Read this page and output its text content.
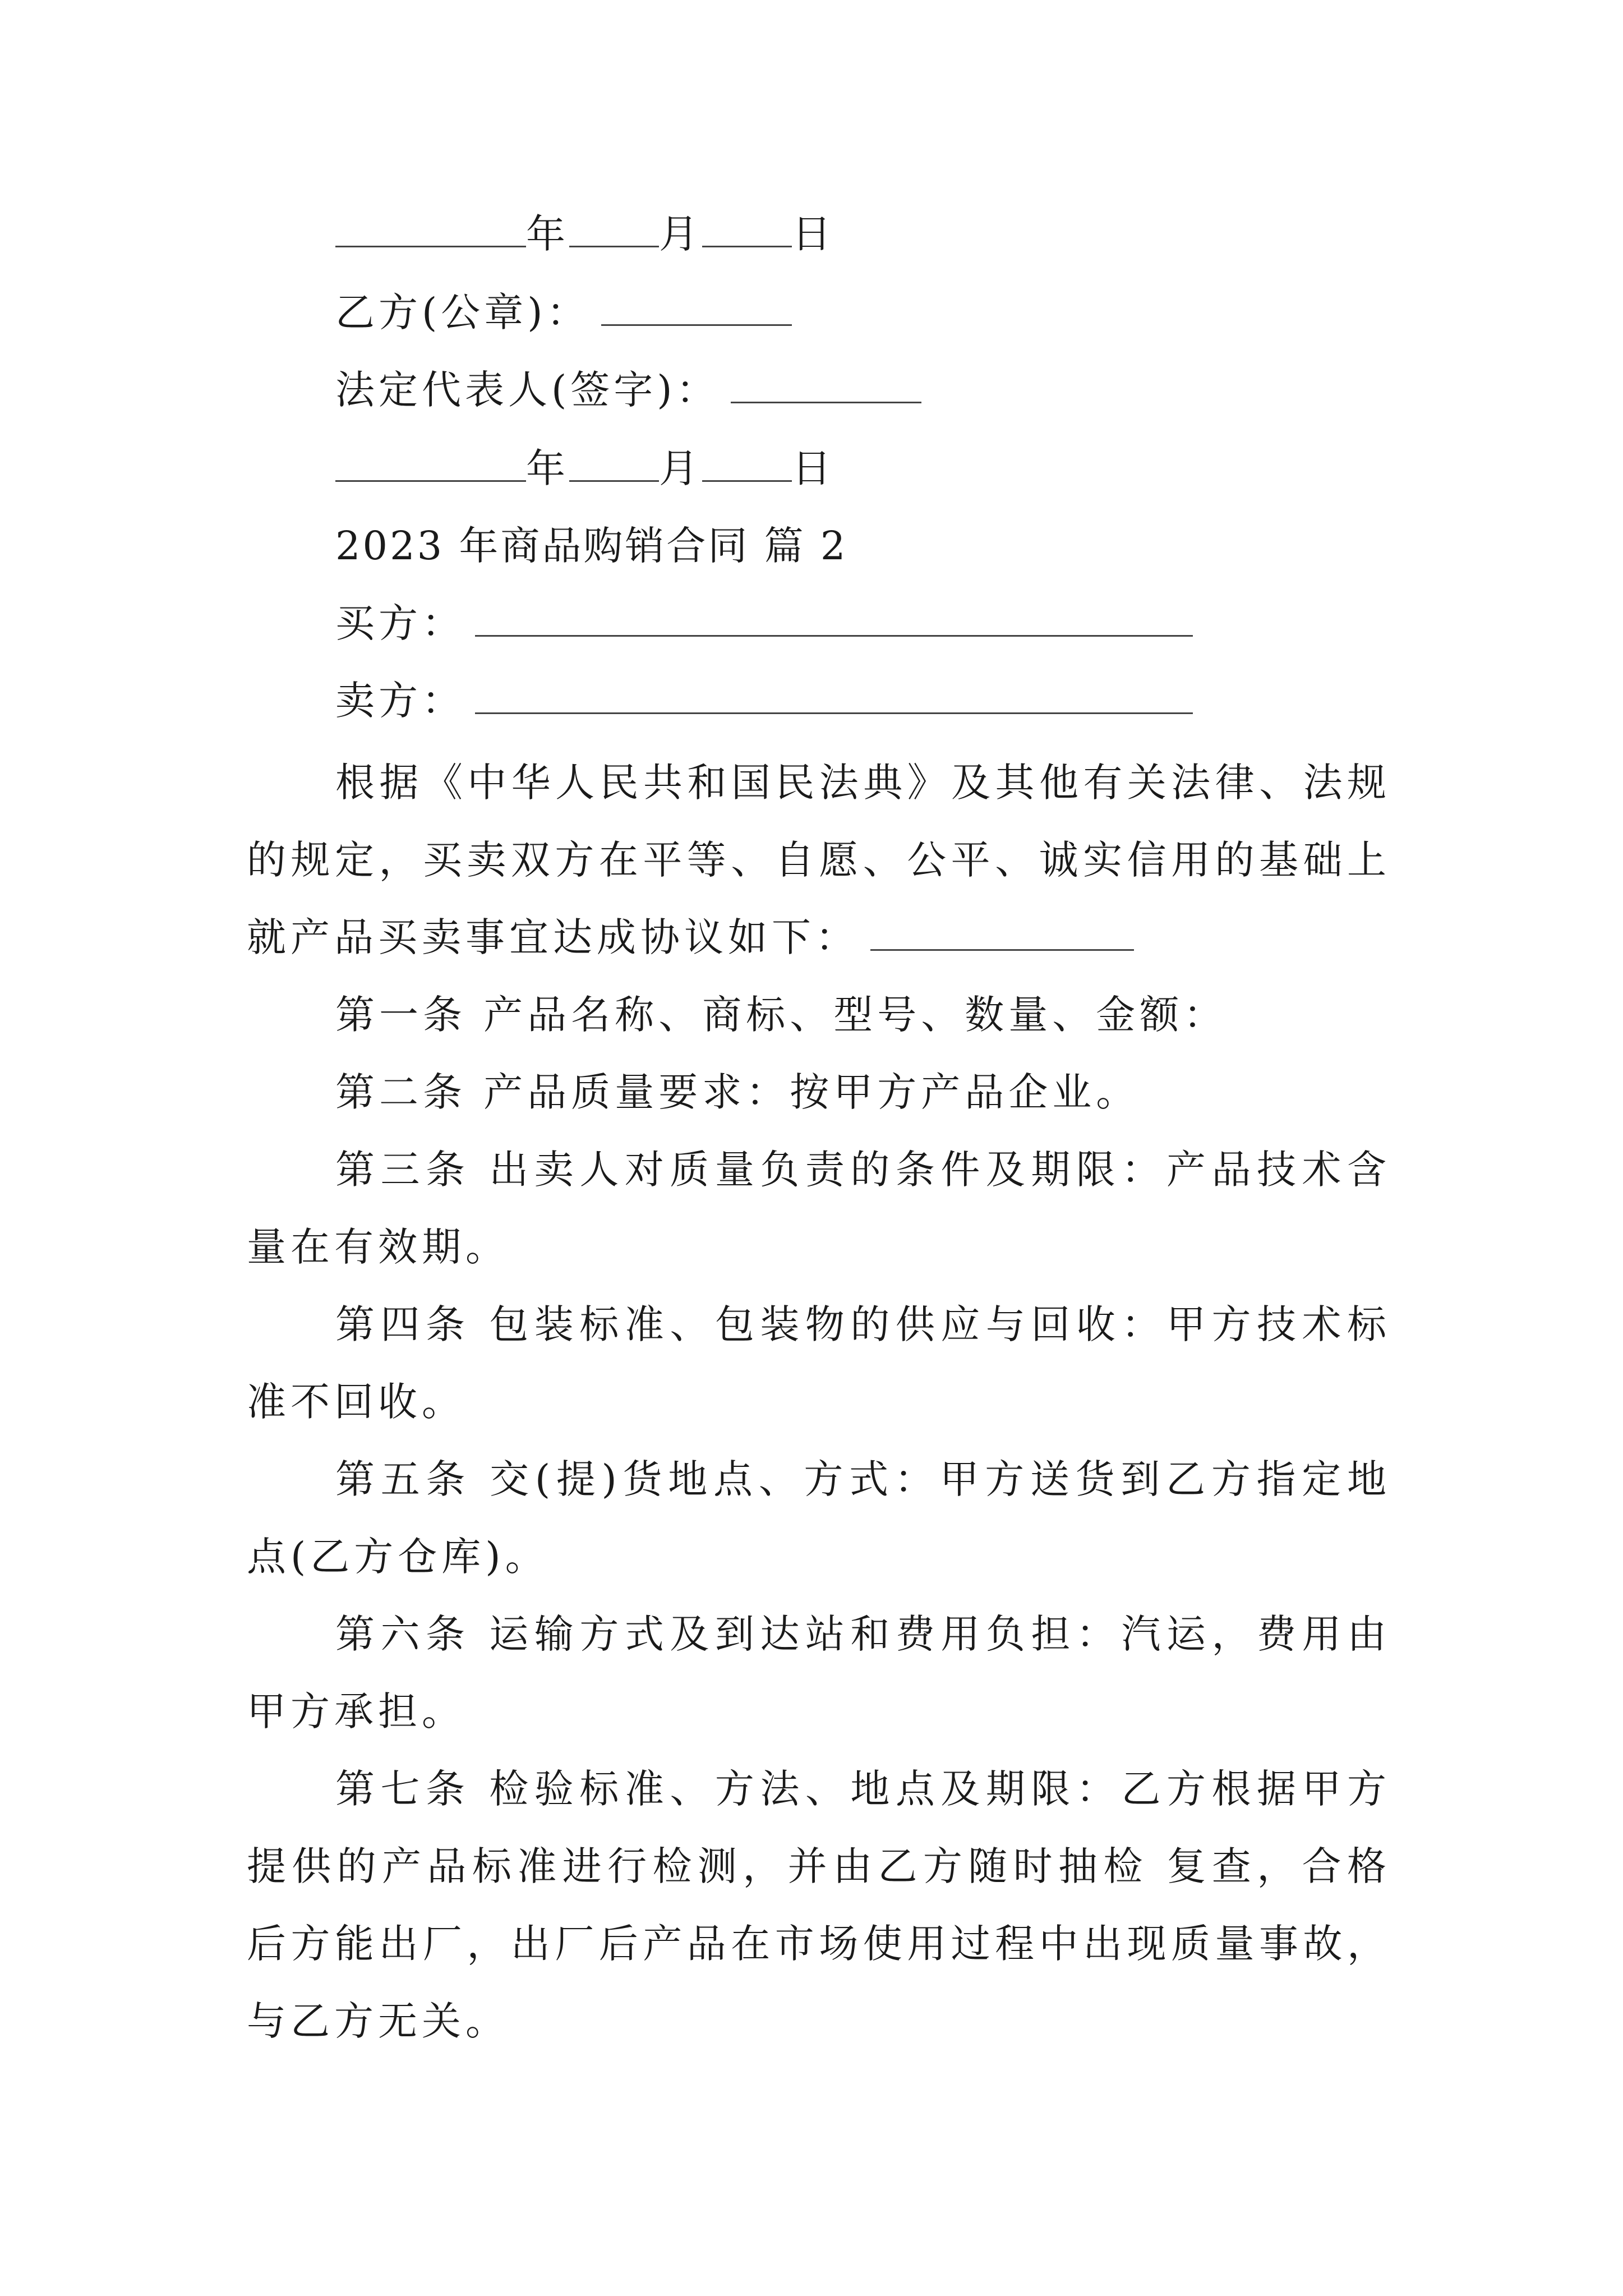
年 月 日
乙方(公章)：
法定代表人(签字)：
年 月 日
2023 年商品购销合同 篇 2
买方：
卖方：
根据《中华人民共和国民法典》及其他有关法律、法规的规定，买卖双方在平等、自愿、公平、诚实信用的基础上就产品买卖事宜达成协议如下：
第一条 产品名称、商标、型号、数量、金额：
第二条 产品质量要求：按甲方产品企业。
第三条 出卖人对质量负责的条件及期限：产品技术含量在有效期。
第四条 包装标准、包装物的供应与回收：甲方技术标准不回收。
第五条 交(提)货地点、方式：甲方送货到乙方指定地点(乙方仓库)。
第六条 运输方式及到达站和费用负担：汽运，费用由甲方承担。
第七条 检验标准、方法、地点及期限：乙方根据甲方提供的产品标准进行检测，并由乙方随时抽检 复查，合格后方能出厂，出厂后产品在市场使用过程中出现质量事故，与乙方无关。
